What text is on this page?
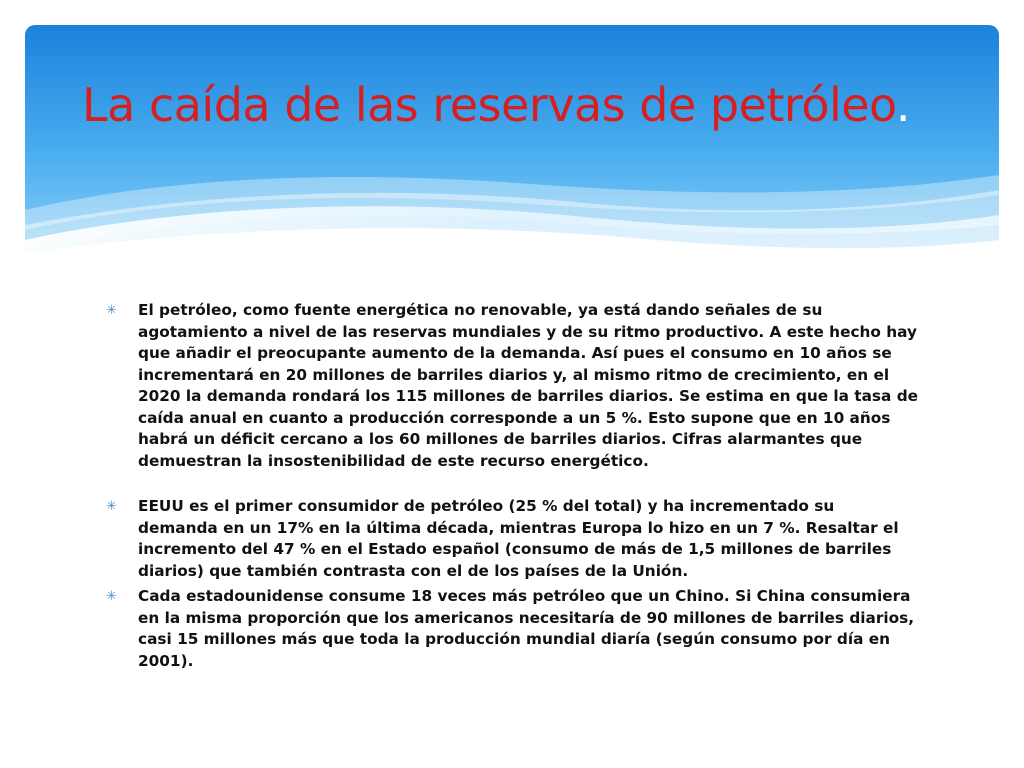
La caída de las reservas de petróleo.
✳ El petróleo, como fuente energética no renovable, ya está dando señales de su agotamiento a nivel de las reservas mundiales y de su ritmo productivo. A este hecho hay que añadir el preocupante aumento de la demanda. Así pues el consumo en 10 años se incrementará en 20 millones de barriles diarios y, al mismo ritmo de crecimiento, en el 2020 la demanda rondará los 115 millones de barriles diarios. Se estima en que la tasa de caída anual en cuanto a producción corresponde a un 5 %. Esto supone que en 10 años habrá un déficit cercano a los 60 millones de barriles diarios. Cifras alarmantes que demuestran la insostenibilidad de este recurso energético.
✳ EEUU es el primer consumidor de petróleo (25 % del total) y ha incrementado su demanda en un 17% en la última década, mientras Europa lo hizo en un 7 %. Resaltar el incremento del 47 % en el Estado español (consumo de más de 1,5 millones de barriles diarios) que también contrasta con el de los países de la Unión.
✳ Cada estadounidense consume 18 veces más petróleo que un Chino. Si China consumiera en la misma proporción que los americanos necesitaría de 90 millones de barriles diarios, casi 15 millones más que toda la producción mundial diaría (según consumo por día en 2001).
